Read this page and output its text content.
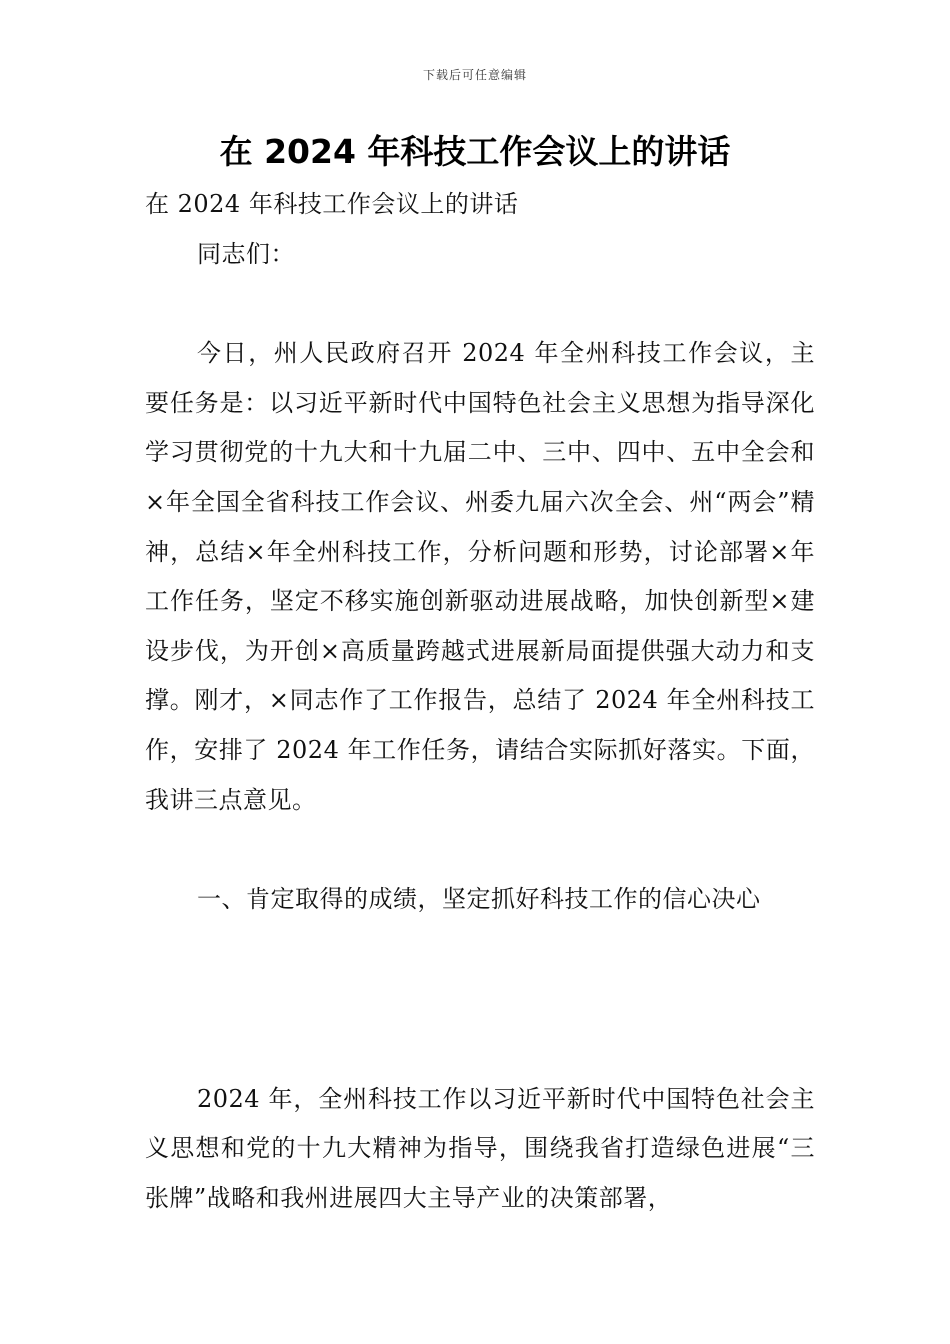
下载后可任意编辑
在 2024 年科技工作会议上的讲话

在 2024 年科技工作会议上的讲话

同志们：

今日，州人民政府召开 2024 年全州科技工作会议，主要任务是：以习近平新时代中国特色社会主义思想为指导深化学习贯彻党的十九大和十九届二中、三中、四中、五中全会和×年全国全省科技工作会议、州委九届六次全会、州“两会”精神，总结×年全州科技工作，分析问题和形势，讨论部署×年工作任务，坚定不移实施创新驱动进展战略，加快创新型×建设步伐，为开创×高质量跨越式进展新局面提供强大动力和支撑。刚才，×同志作了工作报告，总结了 2024 年全州科技工作，安排了 2024 年工作任务，请结合实际抓好落实。下面，我讲三点意见。

一、肯定取得的成绩，坚定抓好科技工作的信心决心

2024 年，全州科技工作以习近平新时代中国特色社会主义思想和党的十九大精神为指导，围绕我省打造绿色进展“三张牌”战略和我州进展四大主导产业的决策部署，
